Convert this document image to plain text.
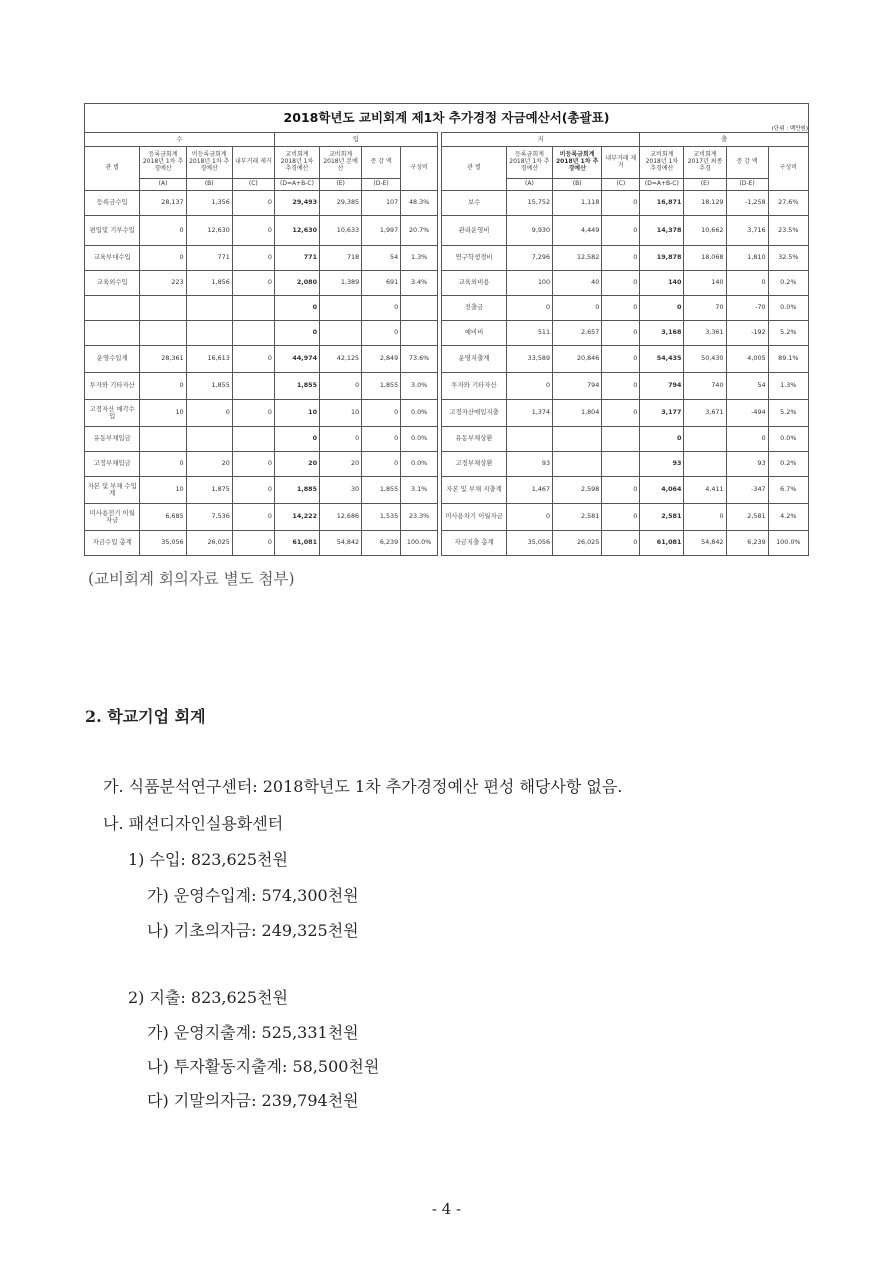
2018학년도 교비회계 제1차 추가경정 자금예산서(총괄표)
(단위 : 백만원)																

수				입					지				출			
관 별	등록금회계 2018년 1차 추경예산	비등록금회계 2018년 1차 추경예산	내부거래 제거	교비회계 2018년 1차 추경예산	교비회계 2018년 본예산	증 감 액	구성비		관 별	등록금회계 2018년 1차 추경예산	비등록금회계 2018년 1차 추경예산	내부거래 제거	교비회계 2018년 1차 추경예산	교비회계 2017년 최종 추경	증 감 액	구성비
	(A)	(B)	(C)	(D=A+B-C)	(E)	(D-E)				(A)	(B)	(C)	(D=A+B-C)	(E)	(D-E)	
등록금수입	28,137	1,356	0	29,493	29,385	107	48.3%		보수	15,752	1,118	0	16,871	18,129	-1,258	27.6%
편입및 기부수입	0	12,630	0	12,630	10,633	1,997	20.7%		관리운영비	9,930	4,449	0	14,378	10,662	3,716	23.5%
교육부대수입	0	771	0	771	718	54	1.3%		연구학생경비	7,296	12,582	0	19,878	18,068	1,810	32.5%
교육외수입	223	1,856	0	2,080	1,389	691	3.4%		교육외비용	100	40	0	140	140	0	0.2%
				0		0			전출금	0	0	0	0	70	-70	0.0%
				0		0			예비비	511	2,657	0	3,168	3,361	-192	5.2%
운영수입계	28,361	16,613	0	44,974	42,125	2,849	73.6%		운영지출계	33,589	20,846	0	54,435	50,430	4,005	89.1%
투자와 기타자산	0	1,855		1,855	0	1,855	3.0%		투자와 기타자산	0	794	0	794	740	54	1.3%
고정자산 매각수입	10	0	0	10	10	0	0.0%		고정자산매입지출	1,374	1,804	0	3,177	3,671	-494	5.2%
유동부채입금				0	0	0	0.0%		유동부채상환				0		0	0.0%
고정부채입금	0	20	0	20	20	0	0.0%		고정부채상환	93			93		93	0.2%
자본 및 부채 수입계	10	1,875	0	1,885	30	1,855	3.1%		자본 및 부채 지출계	1,467	2,598	0	4,064	4,411	-347	6.7%
미사용전기 이월자금	6,685	7,536	0	14,222	12,686	1,535	23.3%		미사용차기 이월자금	0	2,581	0	2,581	0	2,581	4.2%
자금수입 총계	35,056	26,025	0	61,081	54,842	6,239	100.0%		자금지출 총계	35,056	26,025	0	61,081	54,842	6,239	100.0%
(교비회계 회의자료 별도 첨부)
2. 학교기업 회계
가. 식품분석연구센터: 2018학년도 1차 추가경정예산 편성 해당사항 없음.
나. 패션디자인실용화센터
1) 수입: 823,625천원
가) 운영수입계: 574,300천원
나) 기초의자금: 249,325천원
2) 지출: 823,625천원
가) 운영지출계: 525,331천원
나) 투자활동지출계: 58,500천원
다) 기말의자금: 239,794천원
- 4 -
